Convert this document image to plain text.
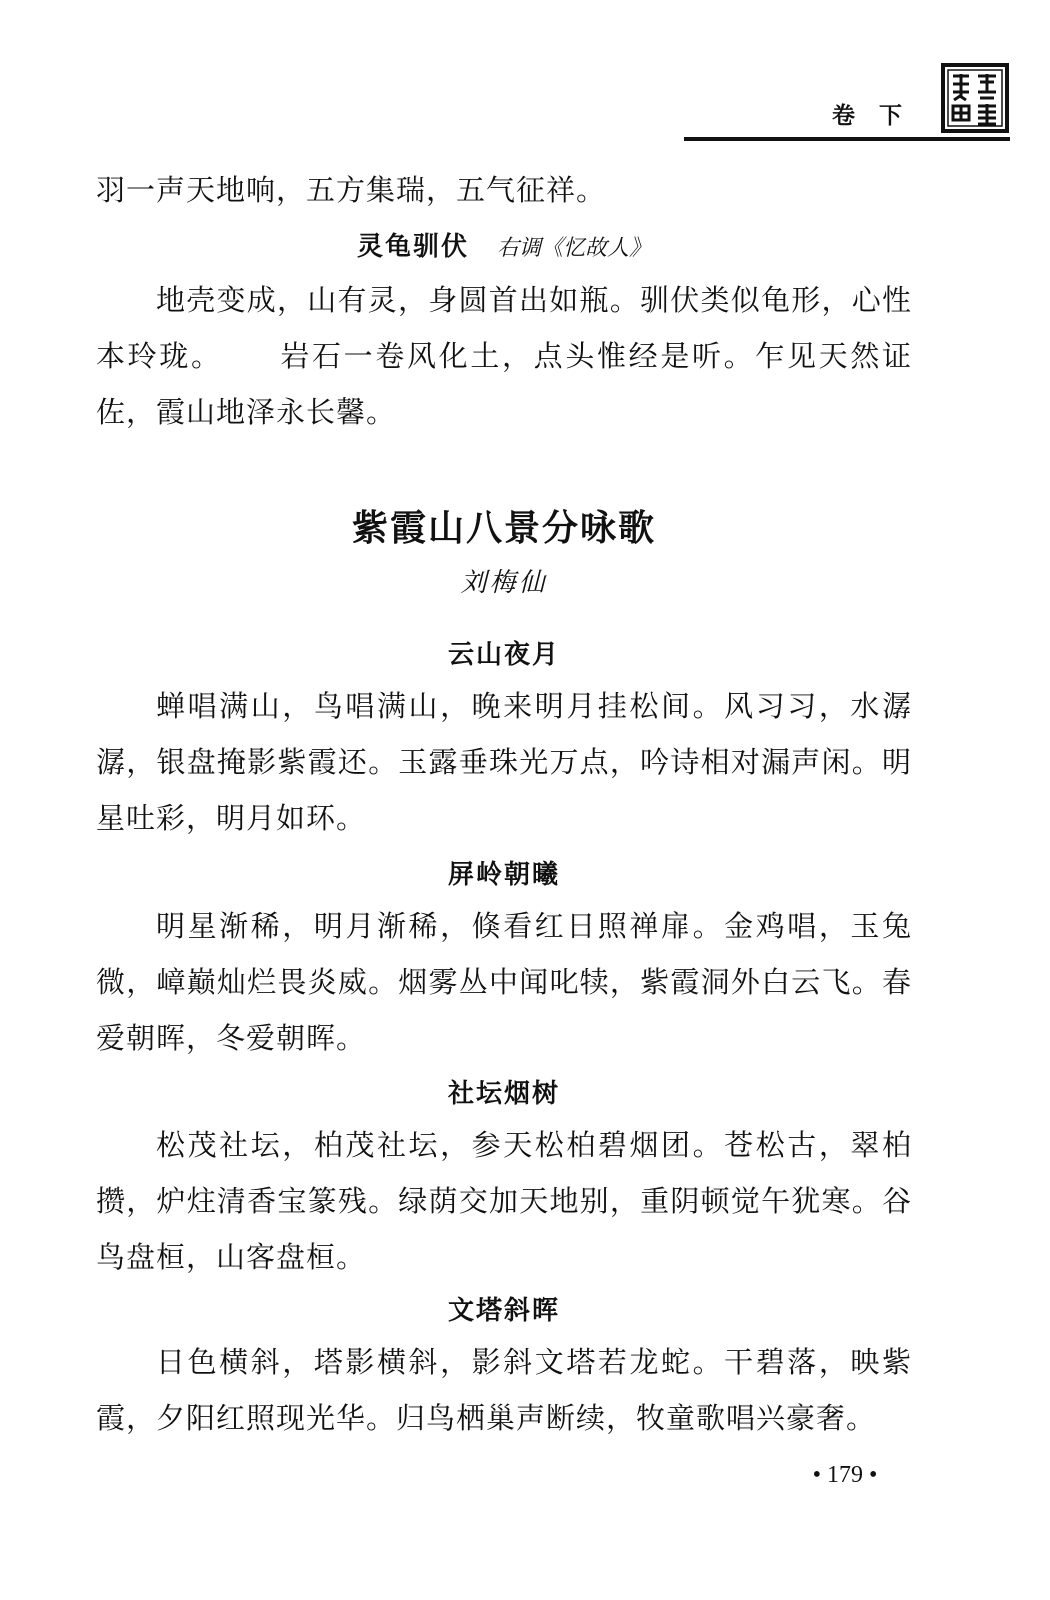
卷下

羽一声天地响，五方集瑞，五气征祥。

灵龟驯伏 右调《忆故人》

地壳变成，山有灵，身圆首出如瓶。驯伏类似龟形，心性本玲珑。 岩石一卷风化土，点头惟经是听。乍见天然证佐，霞山地泽永长馨。

紫霞山八景分咏歌

刘梅仙

云山夜月

蝉唱满山，鸟唱满山，晚来明月挂松间。风习习，水潺潺，银盘掩影紫霞还。玉露垂珠光万点，吟诗相对漏声闲。明星吐彩，明月如环。

屏岭朝曦

明星渐稀，明月渐稀，倏看红日照禅扉。金鸡唱，玉兔微，嶂巅灿烂畏炎威。烟雾丛中闻叱犊，紫霞洞外白云飞。春爱朝晖，冬爱朝晖。

社坛烟树

松茂社坛，柏茂社坛，参天松柏碧烟团。苍松古，翠柏攒，炉炷清香宝篆残。绿荫交加天地别，重阴顿觉午犹寒。谷鸟盘桓，山客盘桓。

文塔斜晖

日色横斜，塔影横斜，影斜文塔若龙蛇。干碧落，映紫霞，夕阳红照现光华。归鸟栖巢声断续，牧童歌唱兴豪奢。

• 179 •
